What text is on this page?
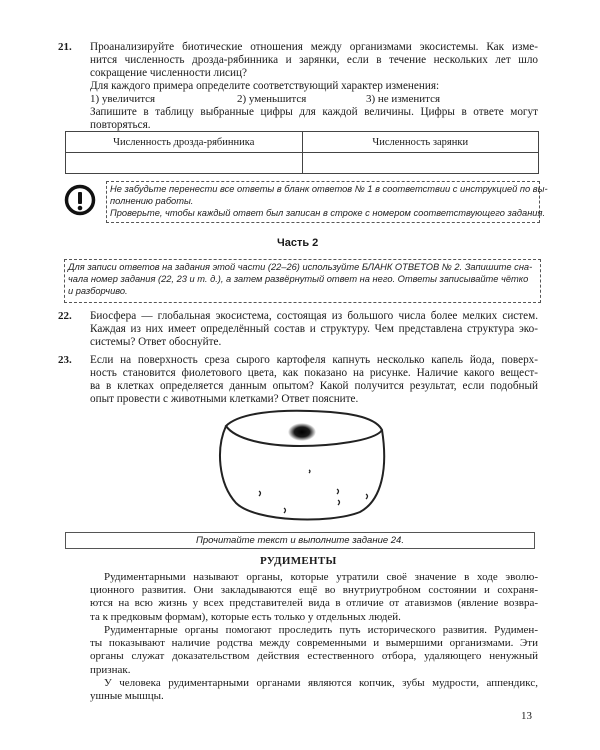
21. Проанализируйте биотические отношения между организмами экосистемы. Как изме-
нится численность дрозда-рябинника и зарянки, если в течение нескольких лет шло
сокращение численности лисиц?
Для каждого примера определите соответствующий характер изменения:
1) увеличится	2) уменьшится	3) не изменится
Запишите в таблицу выбранные цифры для каждой величины. Цифры в ответе могут
повторяться.
Численность дрозда-рябинника	Численность зарянки

Не забудьте перенести все ответы в бланк ответов № 1 в соответствии с инструкцией по вы-
полнению работы.
Проверьте, чтобы каждый ответ был записан в строке с номером соответствующего задания.
Часть 2
Для записи ответов на задания этой части (22–26) используйте БЛАНК ОТВЕТОВ № 2. Запишите сна-
чала номер задания (22, 23 и т. д.), а затем развёрнутый ответ на него. Ответы записывайте чётко
и разборчиво.
22. Биосфера — глобальная экосистема, состоящая из большого числа более мелких систем.
Каждая из них имеет определённый состав и структуру. Чем представлена структура эко-
системы? Ответ обоснуйте.
23. Если на поверхность среза сырого картофеля капнуть несколько капель йода, поверх-
ность становится фиолетового цвета, как показано на рисунке. Наличие какого вещест-
ва в клетках определяется данным опытом? Какой получится результат, если подобный
опыт провести с животными клетками? Ответ поясните.
Прочитайте текст и выполните задание 24.
РУДИМЕНТЫ
Рудиментарными называют органы, которые утратили своё значение в ходе эволю-
ционного развития. Они закладываются ещё во внутриутробном состоянии и сохраня-
ются на всю жизнь у всех представителей вида в отличие от атавизмов (явление возвра-
та к предковым формам), которые есть только у отдельных людей.
Рудиментарные органы помогают проследить путь исторического развития. Рудимен-
ты показывают наличие родства между современными и вымершими организмами. Эти
органы служат доказательством действия естественного отбора, удаляющего ненужный
признак.
У человека рудиментарными органами являются копчик, зубы мудрости, аппендикс,
ушные мышцы.
13
